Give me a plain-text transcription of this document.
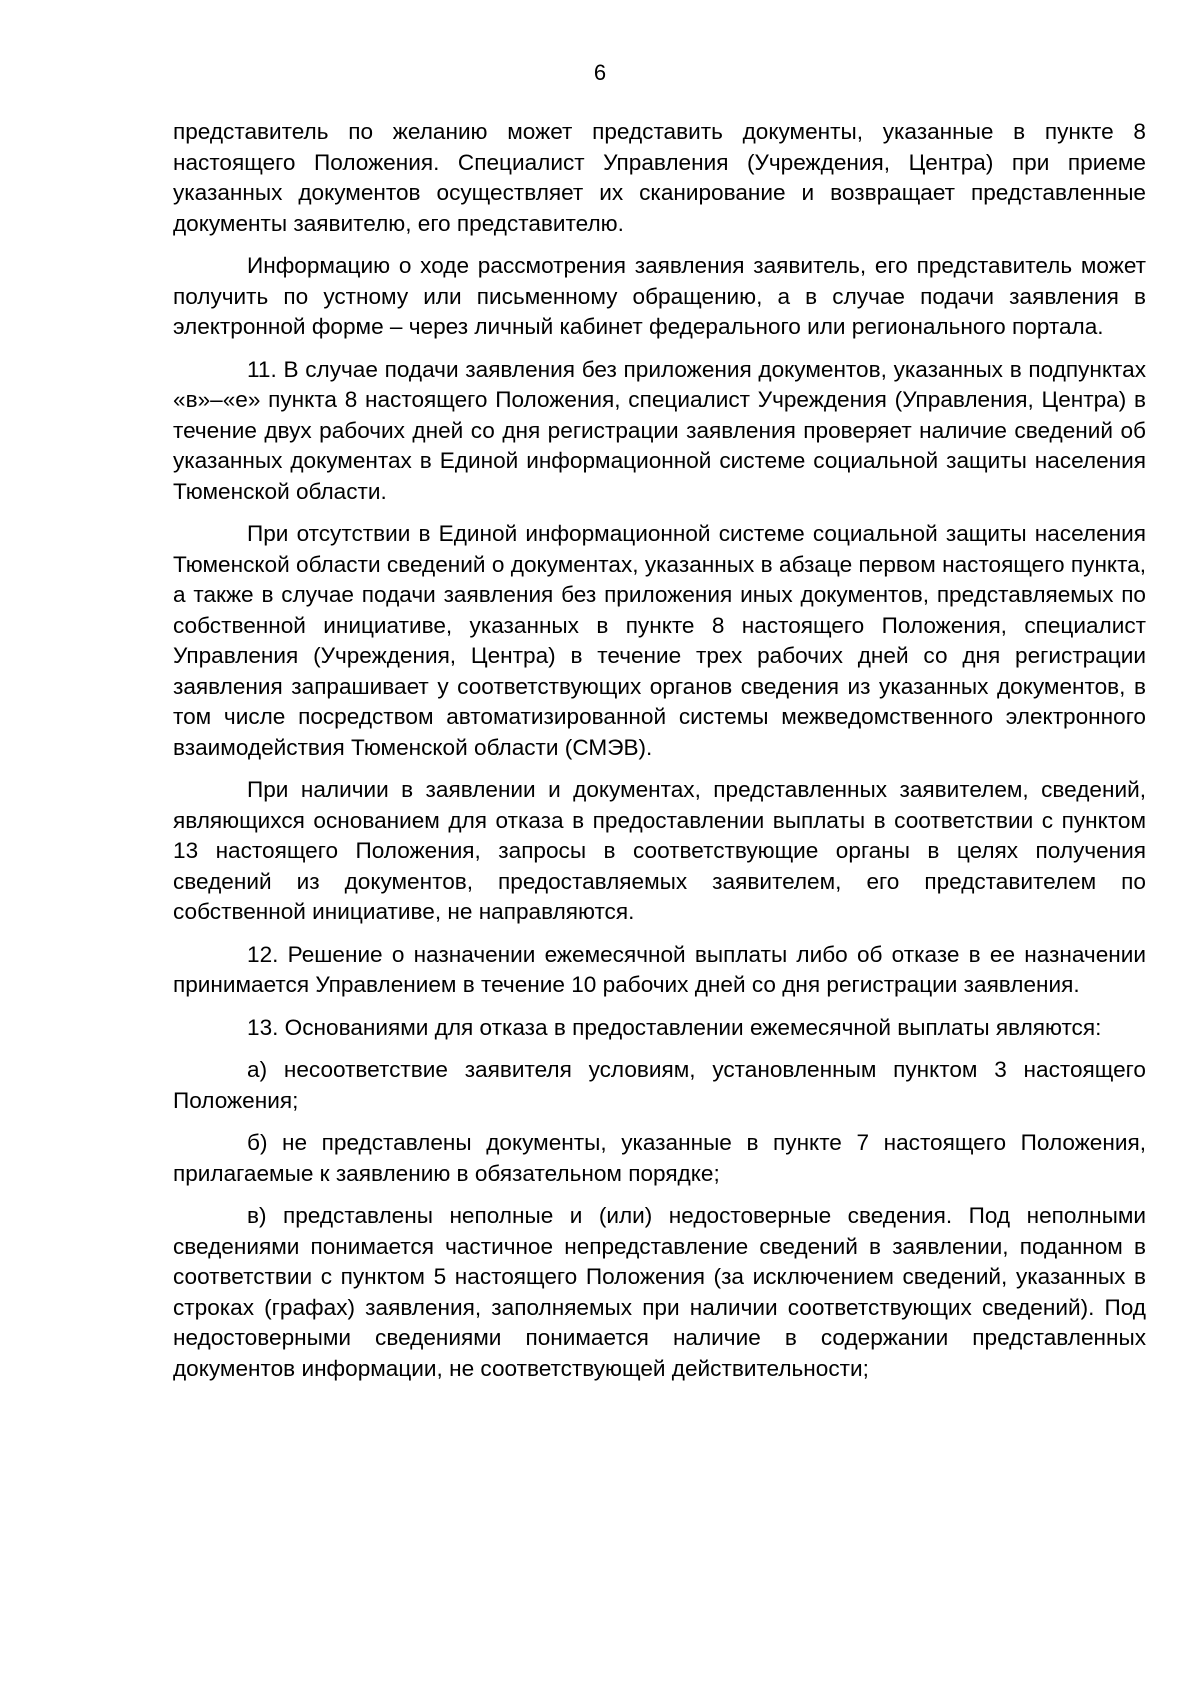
6

представитель по желанию может представить документы, указанные в пункте 8 настоящего Положения. Специалист Управления (Учреждения, Центра) при приеме указанных документов осуществляет их сканирование и возвращает представленные документы заявителю, его представителю.

Информацию о ходе рассмотрения заявления заявитель, его представитель может получить по устному или письменному обращению, а в случае подачи заявления в электронной форме – через личный кабинет федерального или регионального портала.

11. В случае подачи заявления без приложения документов, указанных в подпунктах «в»–«е» пункта 8 настоящего Положения, специалист Учреждения (Управления, Центра) в течение двух рабочих дней со дня регистрации заявления проверяет наличие сведений об указанных документах в Единой информационной системе социальной защиты населения Тюменской области.

При отсутствии в Единой информационной системе социальной защиты населения Тюменской области сведений о документах, указанных в абзаце первом настоящего пункта, а также в случае подачи заявления без приложения иных документов, представляемых по собственной инициативе, указанных в пункте 8 настоящего Положения, специалист Управления (Учреждения, Центра) в течение трех рабочих дней со дня регистрации заявления запрашивает у соответствующих органов сведения из указанных документов, в том числе посредством автоматизированной системы межведомственного электронного взаимодействия Тюменской области (СМЭВ).

При наличии в заявлении и документах, представленных заявителем, сведений, являющихся основанием для отказа в предоставлении выплаты в соответствии с пунктом 13 настоящего Положения, запросы в соответствующие органы в целях получения сведений из документов, предоставляемых заявителем, его представителем по собственной инициативе, не направляются.

12. Решение о назначении ежемесячной выплаты либо об отказе в ее назначении принимается Управлением в течение 10 рабочих дней со дня регистрации заявления.

13. Основаниями для отказа в предоставлении ежемесячной выплаты являются:

а) несоответствие заявителя условиям, установленным пунктом 3 настоящего Положения;

б) не представлены документы, указанные в пункте 7 настоящего Положения, прилагаемые к заявлению в обязательном порядке;

в) представлены неполные и (или) недостоверные сведения. Под неполными сведениями понимается частичное непредставление сведений в заявлении, поданном в соответствии с пунктом 5 настоящего Положения (за исключением сведений, указанных в строках (графах) заявления, заполняемых при наличии соответствующих сведений). Под недостоверными сведениями понимается наличие в содержании представленных документов информации, не соответствующей действительности;
